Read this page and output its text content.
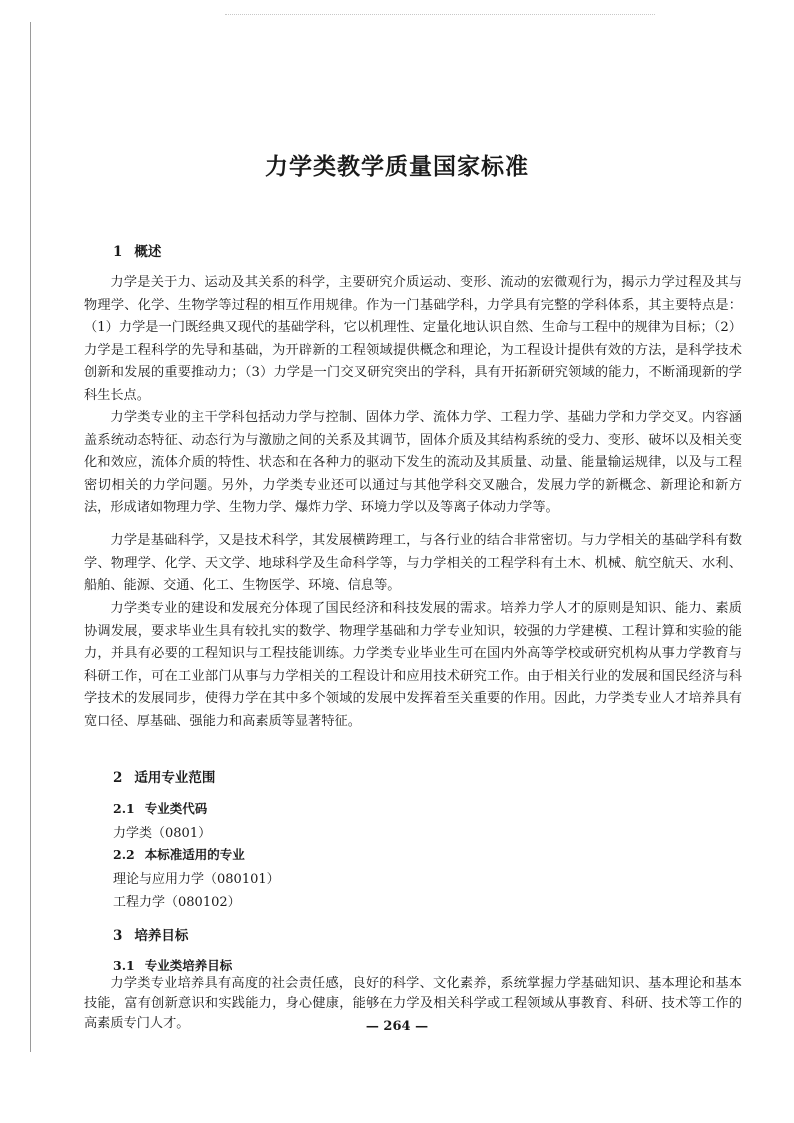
力学类教学质量国家标准
1 概述

力学是关于力、运动及其关系的科学，主要研究介质运动、变形、流动的宏微观行为，揭示力学过程及其与物理学、化学、生物学等过程的相互作用规律。作为一门基础学科，力学具有完整的学科体系，其主要特点是：（1）力学是一门既经典又现代的基础学科，它以机理性、定量化地认识自然、生命与工程中的规律为目标；（2）力学是工程科学的先导和基础，为开辟新的工程领域提供概念和理论，为工程设计提供有效的方法，是科学技术创新和发展的重要推动力；（3）力学是一门交叉研究突出的学科，具有开拓新研究领域的能力，不断涌现新的学科生长点。

力学类专业的主干学科包括动力学与控制、固体力学、流体力学、工程力学、基础力学和力学交叉。内容涵盖系统动态特征、动态行为与激励之间的关系及其调节，固体介质及其结构系统的受力、变形、破坏以及相关变化和效应，流体介质的特性、状态和在各种力的驱动下发生的流动及其质量、动量、能量输运规律，以及与工程密切相关的力学问题。另外，力学类专业还可以通过与其他学科交叉融合，发展力学的新概念、新理论和新方法，形成诸如物理力学、生物力学、爆炸力学、环境力学以及等离子体动力学等。

力学是基础科学，又是技术科学，其发展横跨理工，与各行业的结合非常密切。与力学相关的基础学科有数学、物理学、化学、天文学、地球科学及生命科学等，与力学相关的工程学科有土木、机械、航空航天、水利、船舶、能源、交通、化工、生物医学、环境、信息等。

力学类专业的建设和发展充分体现了国民经济和科技发展的需求。培养力学人才的原则是知识、能力、素质协调发展，要求毕业生具有较扎实的数学、物理学基础和力学专业知识，较强的力学建模、工程计算和实验的能力，并具有必要的工程知识与工程技能训练。力学类专业毕业生可在国内外高等学校或研究机构从事力学教育与科研工作，可在工业部门从事与力学相关的工程设计和应用技术研究工作。由于相关行业的发展和国民经济与科学技术的发展同步，使得力学在其中多个领域的发展中发挥着至关重要的作用。因此，力学类专业人才培养具有宽口径、厚基础、强能力和高素质等显著特征。

2 适用专业范围
2.1 专业类代码

力学类（0801）

2.2 本标准适用的专业

理论与应用力学（080101）

工程力学（080102）

3 培养目标
3.1 专业类培养目标

力学类专业培养具有高度的社会责任感，良好的科学、文化素养，系统掌握力学基础知识、基本理论和基本技能，富有创新意识和实践能力，身心健康，能够在力学及相关科学或工程领域从事教育、科研、技术等工作的高素质专门人才。	— 264 —
